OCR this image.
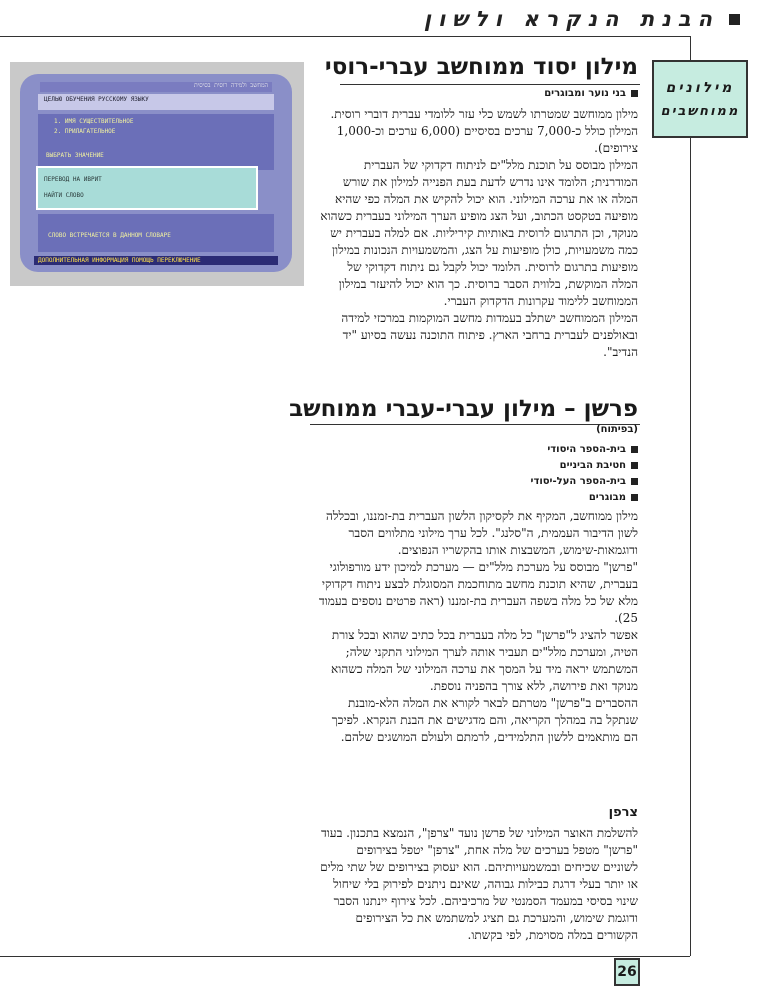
הבנת הנקרא ולשון
מילונים
ממוחשבים
המחשב ולמידה רוסית בסיסית
ЦЕЛЬЮ ОБУЧЕНИЯ РУССКОМУ ЯЗЫКУ
1. ИМЯ СУЩЕСТВИТЕЛЬНОЕ
2. ПРИЛАГАТЕЛЬНОЕ
ВЫБРАТЬ ЗНАЧЕНИЕ
ПЕРЕВОД НА ИВРИТ
НАЙТИ СЛОВО
СЛОВО ВСТРЕЧАЕТСЯ В ДАННОМ СЛОВАРЕ
ДОПОЛНИТЕЛЬНАЯ ИНФОРМАЦИЯ ПОМОЩЬ ПЕРЕКЛЮЧЕНИЕ
מילון יסוד ממוחשב עברי-רוסי
בני נוער ומבוגרים

מילון ממוחשב שמטרתו לשמש כלי עזר ללומדי עברית דוברי רוסית. המילון כולל כ-7,000 ערכים בסיסיים (6,000 ערכים וכ-1,000 צירופים).

המילון מבוסס על תוכנת מלל"ים לניתוח דקדוקי של העברית המודרנית; הלומד אינו נדרש לדעת בעת הפנייה למילון את שורש המלה או את ערכה המילוני. הוא יכול להקיש את המלה כפי שהיא מופיעה בטקסט הכתוב, ועל הצג מופיע הערך המילוני בעברית כשהוא מנוקד, וכן התרגום לרוסית באותיות קיריליות. אם למלה בעברית יש כמה משמעויות, כולן מופיעות על הצג, והמשמעויות הנכונות במילון מופיעות בתרגום לרוסית. הלומד יכול לקבל גם ניתוח דקדוקי של המלה המוקשת, בלווית הסבר ברוסית. כך הוא יכול להיעזר במילון הממוחשב ללימוד עקרונות הדקדוק העברי.

המילון הממוחשב ישתלב בעמדות מחשב המוקמות במרכזי למידה ובאולפנים לעברית ברחבי הארץ. פיתוח התוכנה נעשה בסיוע "יד הנדיב".

פרשן – מילון עברי-עברי ממוחשב
(בפיתוח)
בית-הספר היסודי
חטיבת הביניים
בית-הספר העל-יסודי
מבוגרים

מילון ממוחשב, המקיף את לקסיקון הלשון העברית בת-זמננו, ובכללה לשון הדיבור העממית, ה"סלנג". לכל ערך מילוני מתלווים הסבר ודוגמאות-שימוש, המשבצות אותו בהקשריו הנפוצים.

"פרשן" מבוסס על מערכת מלל"ים — מערכת למיכון ידע מורפולוגי בעברית, שהיא תוכנת מחשב מתוחכמת המסוגלת לבצע ניתוח דקדוקי מלא של כל מלה בשפה העברית בת-זמננו (ראה פרטים נוספים בעמוד 25).

אפשר להציג ל"פרשן" כל מלה בעברית בכל כתיב שהוא ובכל צורת הטיה, ומערכת מלל"ים תעביר אותה לערך המילוני התקני שלה; המשתמש יראה מיד על המסך את ערכה המילוני של המלה כשהוא מנוקד ואת פירושה, ללא צורך בהפניה נוספת.

ההסברים ב"פרשן" מטרתם לבאר לקורא את המלה הלא-מובנת שנתקל בה במהלך הקריאה, והם מדגישים את הבנת הנקרא. לפיכך הם מותאמים ללשון התלמידים, לרמתם ולעולם המושגים שלהם.

צרפן

להשלמת האוצר המילוני של פרשן נועד "צרפן", הנמצא בתכנון. בעוד "פרשן" מטפל בערכים של מלה אחת, "צרפן" יטפל בצירופים לשוניים שכיחים ובמשמעויותיהם. הוא יעסוק בצירופים של שתי מלים או יותר בעלי דרגת כבילות גבוהה, שאינם ניתנים לפירוק בלי שיחול שינוי בסיסי במעמד הסמנטי של מרכיביהם. לכל צירוף יינתנו הסבר ודוגמת שימוש, והמערכת גם תציג למשתמש את כל הצירופים הקשורים במלה מסוימת, לפי בקשתו.

26
